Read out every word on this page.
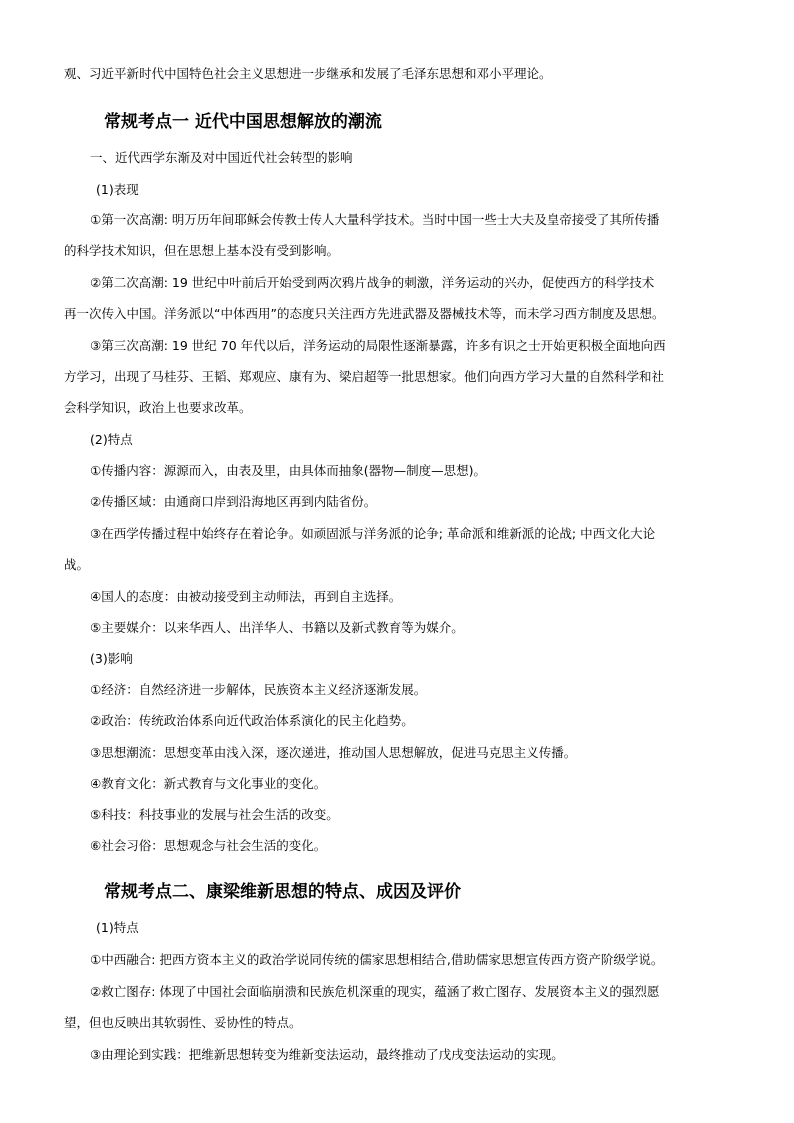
观、习近平新时代中国特色社会主义思想进一步继承和发展了毛泽东思想和邓小平理论。
常规考点一 近代中国思想解放的潮流
一、近代西学东渐及对中国近代社会转型的影响
(1)表现
①第一次高潮: 明万历年间耶稣会传教士传人大量科学技术。当时中国一些士大夫及皇帝接受了其所传播
的科学技术知识，但在思想上基本没有受到影响。
②第二次高潮: 19 世纪中叶前后开始受到两次鸦片战争的刺激，洋务运动的兴办，促使西方的科学技术
再一次传入中国。洋务派以“中体西用”的态度只关注西方先进武器及器械技术等，而未学习西方制度及思想。
③第三次高潮: 19 世纪 70 年代以后，洋务运动的局限性逐渐暴露，许多有识之士开始更积极全面地向西
方学习，出现了马桂芬、王韬、郑观应、康有为、梁启超等一批思想家。他们向西方学习大量的自然科学和社
会科学知识，政治上也要求改革。
(2)特点
①传播内容：源源而入，由表及里，由具体而抽象(器物—制度—思想)。
②传播区域：由通商口岸到沿海地区再到内陆省份。
③在西学传播过程中始终存在着论争。如顽固派与洋务派的论争; 革命派和维新派的论战; 中西文化大论
战。
④国人的态度：由被动接受到主动师法，再到自主选择。
⑤主要媒介：以来华西人、出洋华人、书籍以及新式教育等为媒介。
(3)影响
①经济：自然经济进一步解体，民族资本主义经济逐渐发展。
②政治：传统政治体系向近代政治体系演化的民主化趋势。
③思想潮流：思想变革由浅入深，逐次递进，推动国人思想解放，促进马克思主义传播。
④教育文化：新式教育与文化事业的变化。
⑤科技：科技事业的发展与社会生活的改变。
⑥社会习俗：思想观念与社会生活的变化。
常规考点二、康梁维新思想的特点、成因及评价
(1)特点
①中西融合: 把西方资本主义的政治学说同传统的儒家思想相结合,借助儒家思想宣传西方资产阶级学说。
②救亡图存: 体现了中国社会面临崩溃和民族危机深重的现实，蕴涵了救亡图存、发展资本主义的强烈愿
望，但也反映出其软弱性、妥协性的特点。
③由理论到实践：把维新思想转变为维新变法运动，最终推动了戊戌变法运动的实现。
